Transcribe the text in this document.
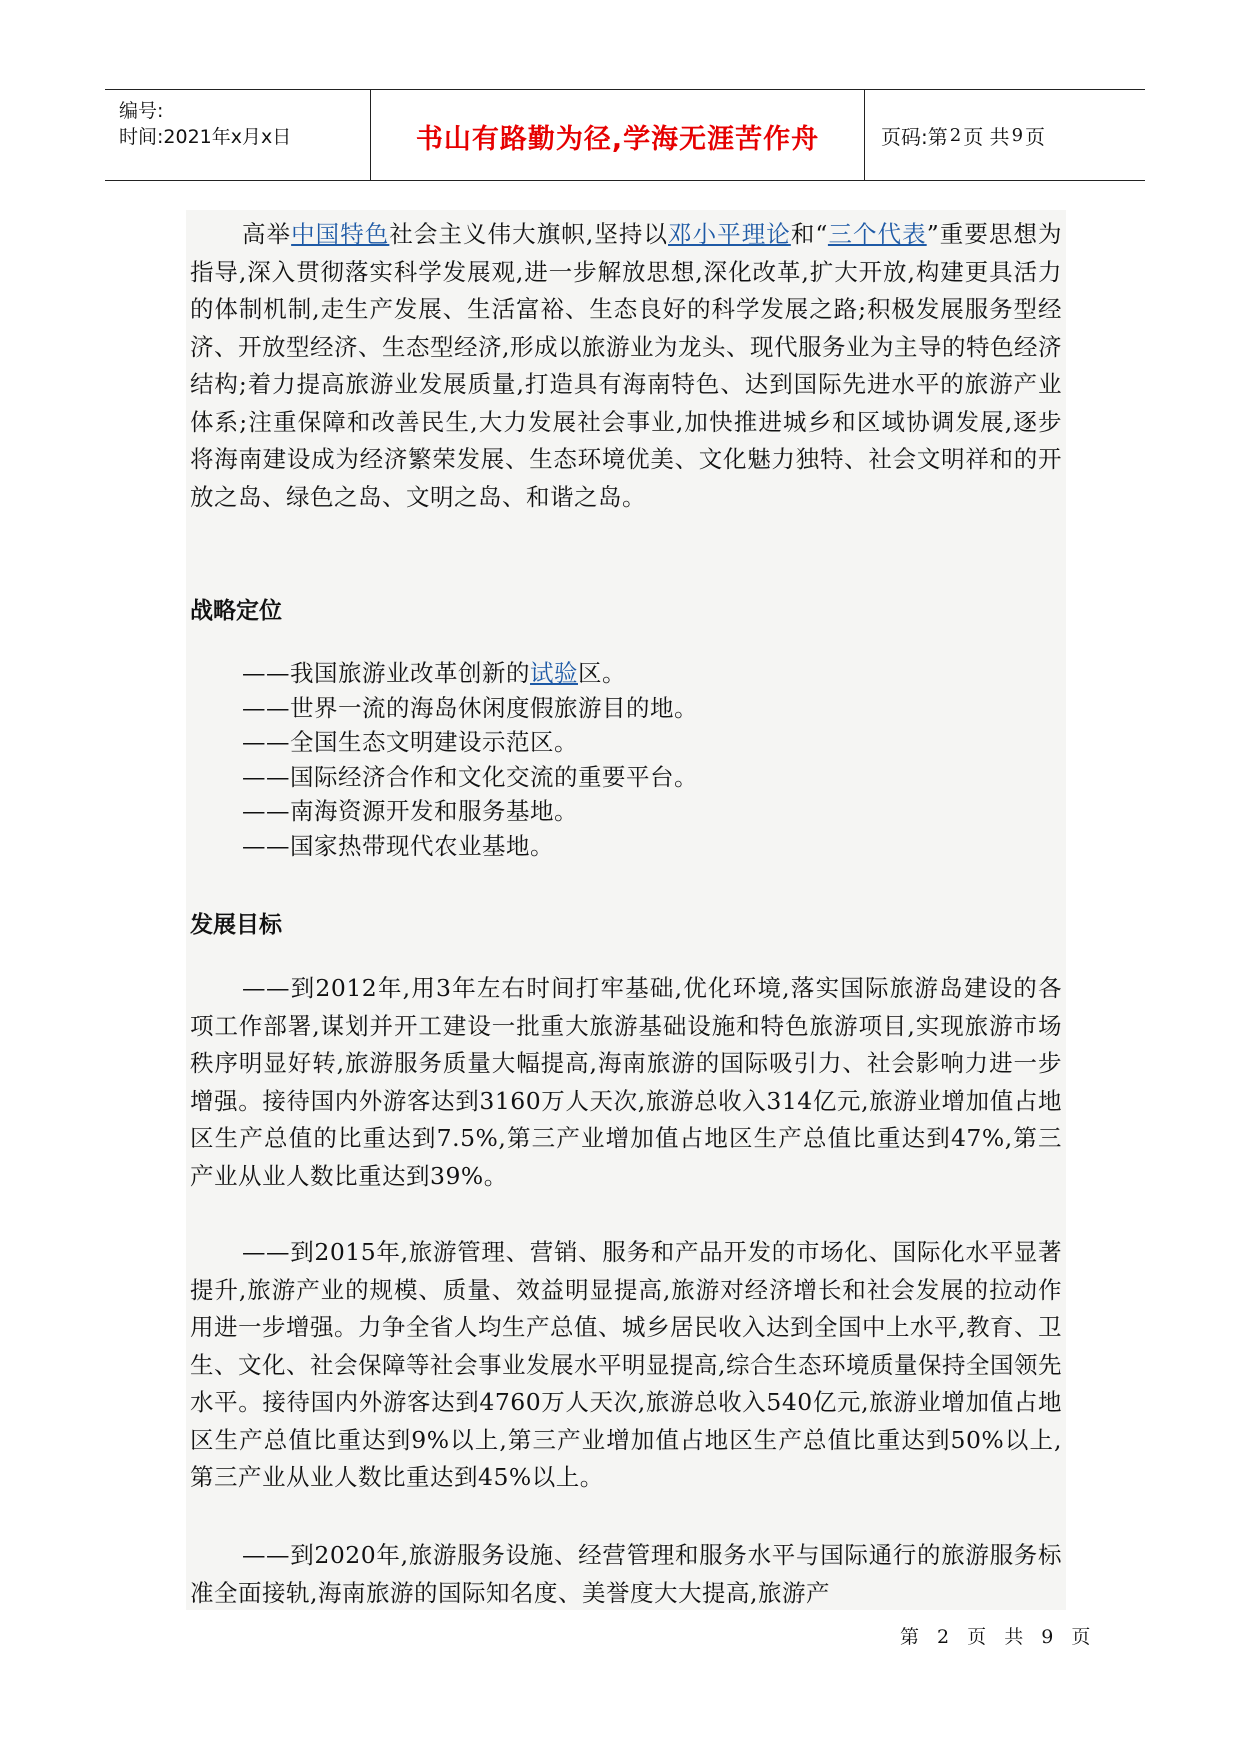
编号:
时间:2021年x月x日	书山有路勤为径,学海无涯苦作舟	页码:第 2 页 共 9 页

高举中国特色社会主义伟大旗帜,坚持以邓小平理论和“三个代表”重要思想为指导,深入贯彻落实科学发展观,进一步解放思想,深化改革,扩大开放,构建更具活力的体制机制,走生产发展、生活富裕、生态良好的科学发展之路;积极发展服务型经济、开放型经济、生态型经济,形成以旅游业为龙头、现代服务业为主导的特色经济结构;着力提高旅游业发展质量,打造具有海南特色、达到国际先进水平的旅游产业体系;注重保障和改善民生,大力发展社会事业,加快推进城乡和区域协调发展,逐步将海南建设成为经济繁荣发展、生态环境优美、文化魅力独特、社会文明祥和的开放之岛、绿色之岛、文明之岛、和谐之岛。

战略定位
——我国旅游业改革创新的试验区。
——世界一流的海岛休闲度假旅游目的地。
——全国生态文明建设示范区。
——国际经济合作和文化交流的重要平台。
——南海资源开发和服务基地。
——国家热带现代农业基地。
发展目标

——到2012年,用3年左右时间打牢基础,优化环境,落实国际旅游岛建设的各项工作部署,谋划并开工建设一批重大旅游基础设施和特色旅游项目,实现旅游市场秩序明显好转,旅游服务质量大幅提高,海南旅游的国际吸引力、社会影响力进一步增强。接待国内外游客达到3160万人天次,旅游总收入314亿元,旅游业增加值占地区生产总值的比重达到7.5%,第三产业增加值占地区生产总值比重达到47%,第三产业从业人数比重达到39%。

——到2015年,旅游管理、营销、服务和产品开发的市场化、国际化水平显著提升,旅游产业的规模、质量、效益明显提高,旅游对经济增长和社会发展的拉动作用进一步增强。力争全省人均生产总值、城乡居民收入达到全国中上水平,教育、卫生、文化、社会保障等社会事业发展水平明显提高,综合生态环境质量保持全国领先水平。接待国内外游客达到4760万人天次,旅游总收入540亿元,旅游业增加值占地区生产总值比重达到9%以上,第三产业增加值占地区生产总值比重达到50%以上,第三产业从业人数比重达到45%以上。

——到2020年,旅游服务设施、经营管理和服务水平与国际通行的旅游服务标准全面接轨,海南旅游的国际知名度、美誉度大大提高,旅游产

第 2 页 共 9 页
